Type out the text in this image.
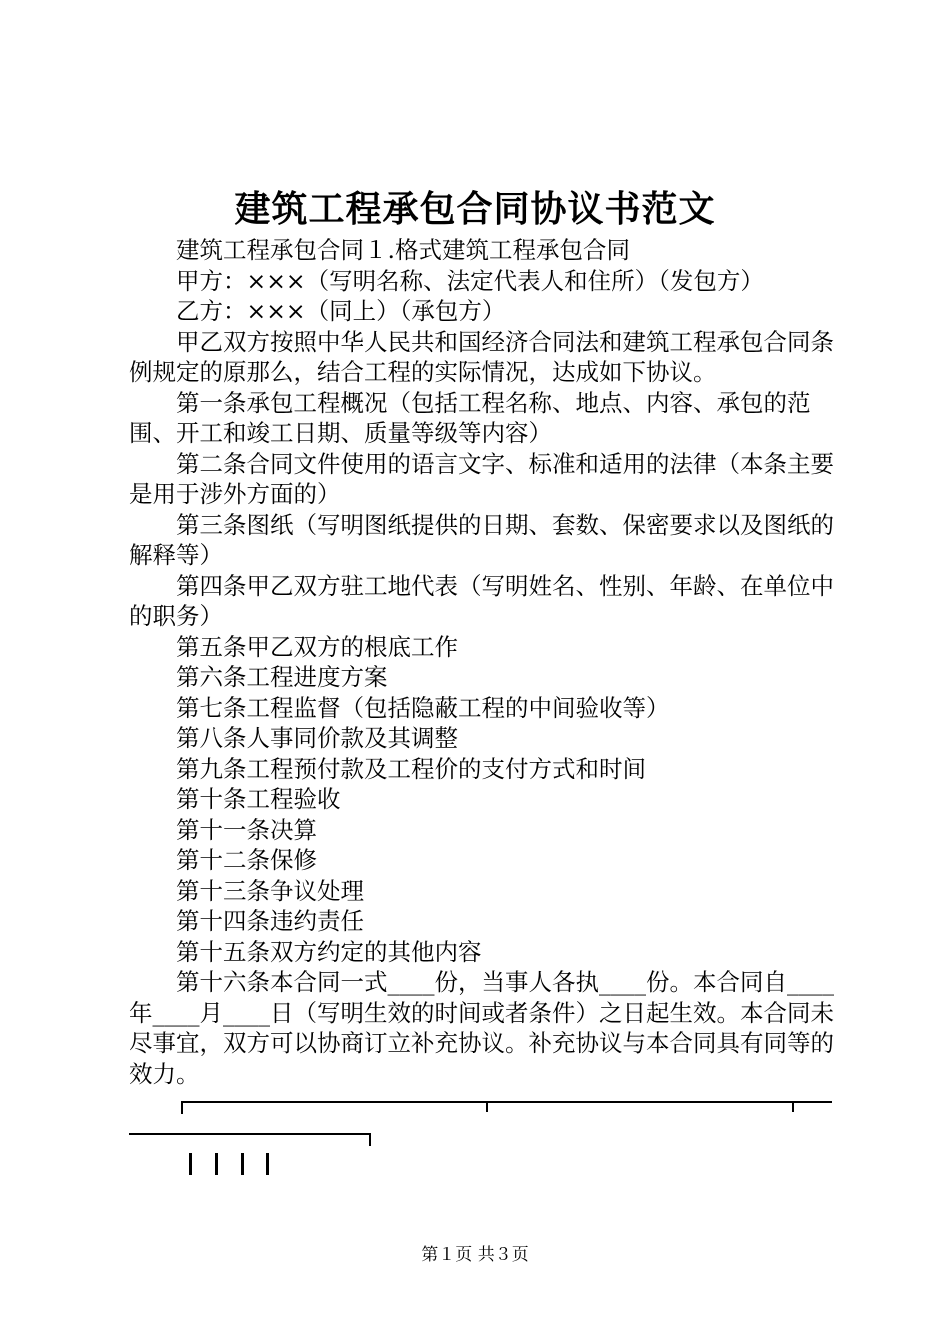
建筑工程承包合同协议书范文

建筑工程承包合同１.格式建筑工程承包合同

甲方：×××（写明名称、法定代表人和住所）（发包方）

乙方：×××（同上）（承包方）

甲乙双方按照中华人民共和国经济合同法和建筑工程承包合同条例规定的原那么，结合工程的实际情况，达成如下协议。

第一条承包工程概况（包括工程名称、地点、内容、承包的范围、开工和竣工日期、质量等级等内容）

第二条合同文件使用的语言文字、标准和适用的法律（本条主要是用于涉外方面的）

第三条图纸（写明图纸提供的日期、套数、保密要求以及图纸的解释等）

第四条甲乙双方驻工地代表（写明姓名、性别、年龄、在单位中的职务）

第五条甲乙双方的根底工作

第六条工程进度方案

第七条工程监督（包括隐蔽工程的中间验收等）

第八条人事同价款及其调整

第九条工程预付款及工程价的支付方式和时间

第十条工程验收

第十一条决算

第十二条保修

第十三条争议处理

第十四条违约责任

第十五条双方约定的其他内容

第十六条本合同一式____份，当事人各执____份。本合同自____年____月____日（写明生效的时间或者条件）之日起生效。本合同未尽事宜，双方可以协商订立补充协议。补充协议与本合同具有同等的效力。

第１页 共３页
